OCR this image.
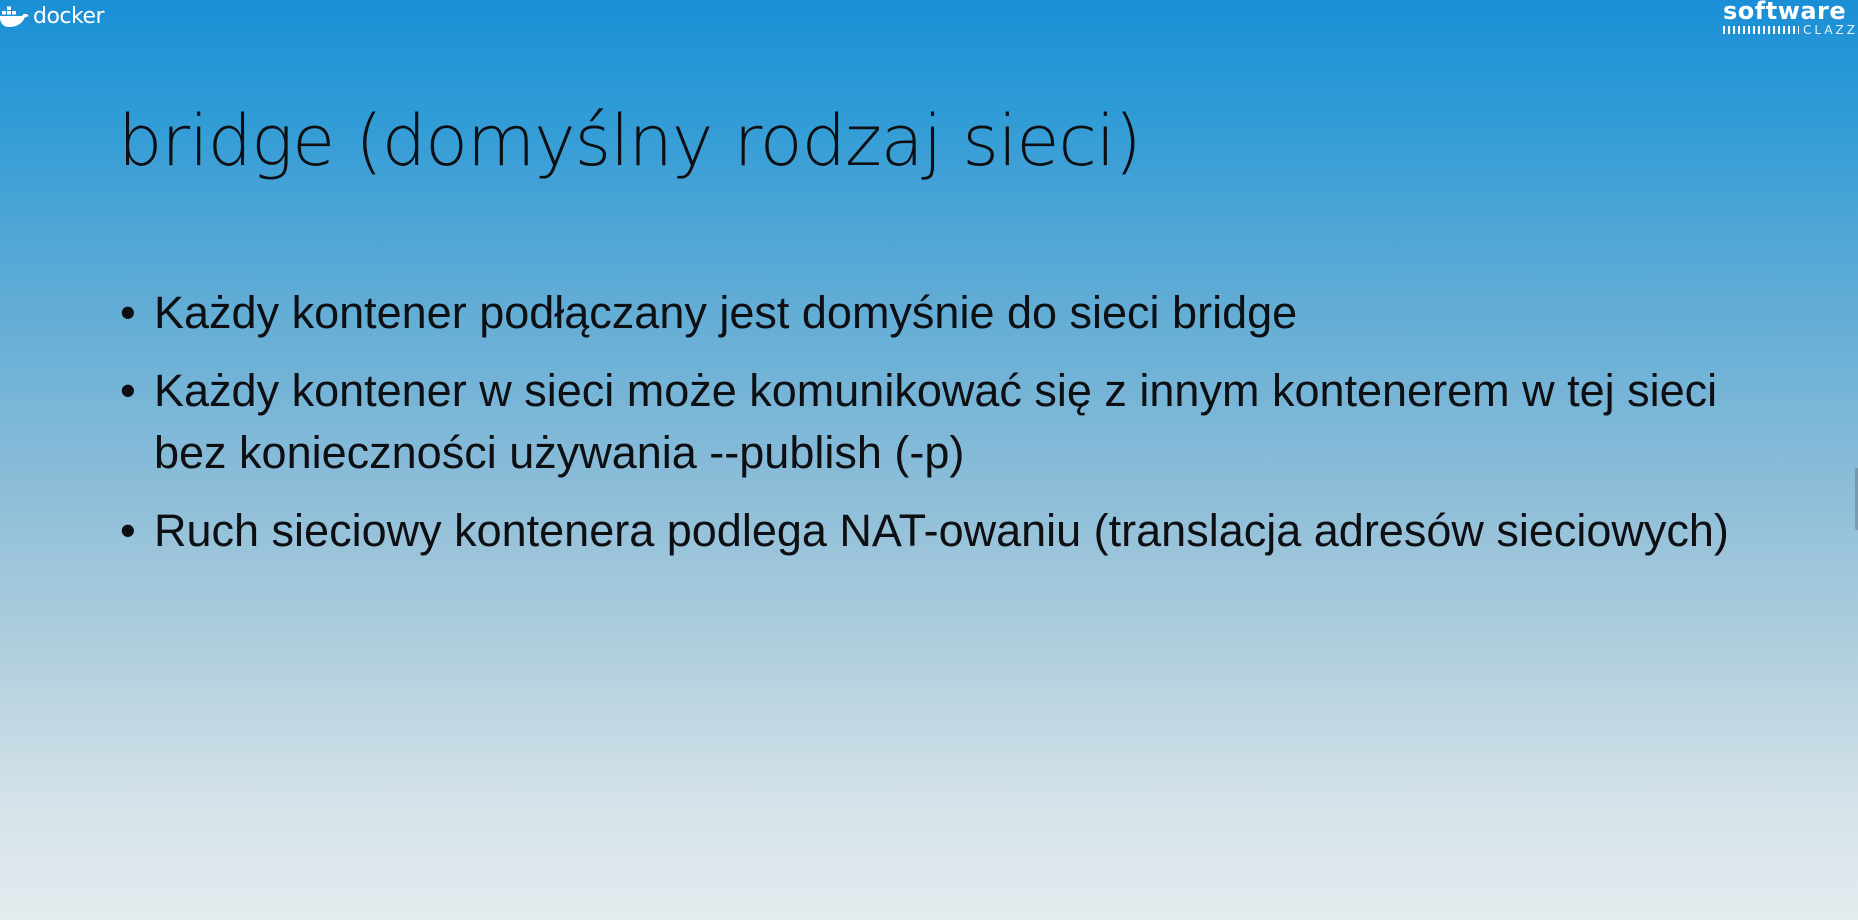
docker	software
CLAZZ
bridge (domyślny rodzaj sieci)
• Każdy kontener podłączany jest domyśnie do sieci bridge
• Każdy kontener w sieci może komunikować się z innym kontenerem w tej sieci bez konieczności używania --publish (-p)
• Ruch sieciowy kontenera podlega NAT-owaniu (translacja adresów sieciowych)
